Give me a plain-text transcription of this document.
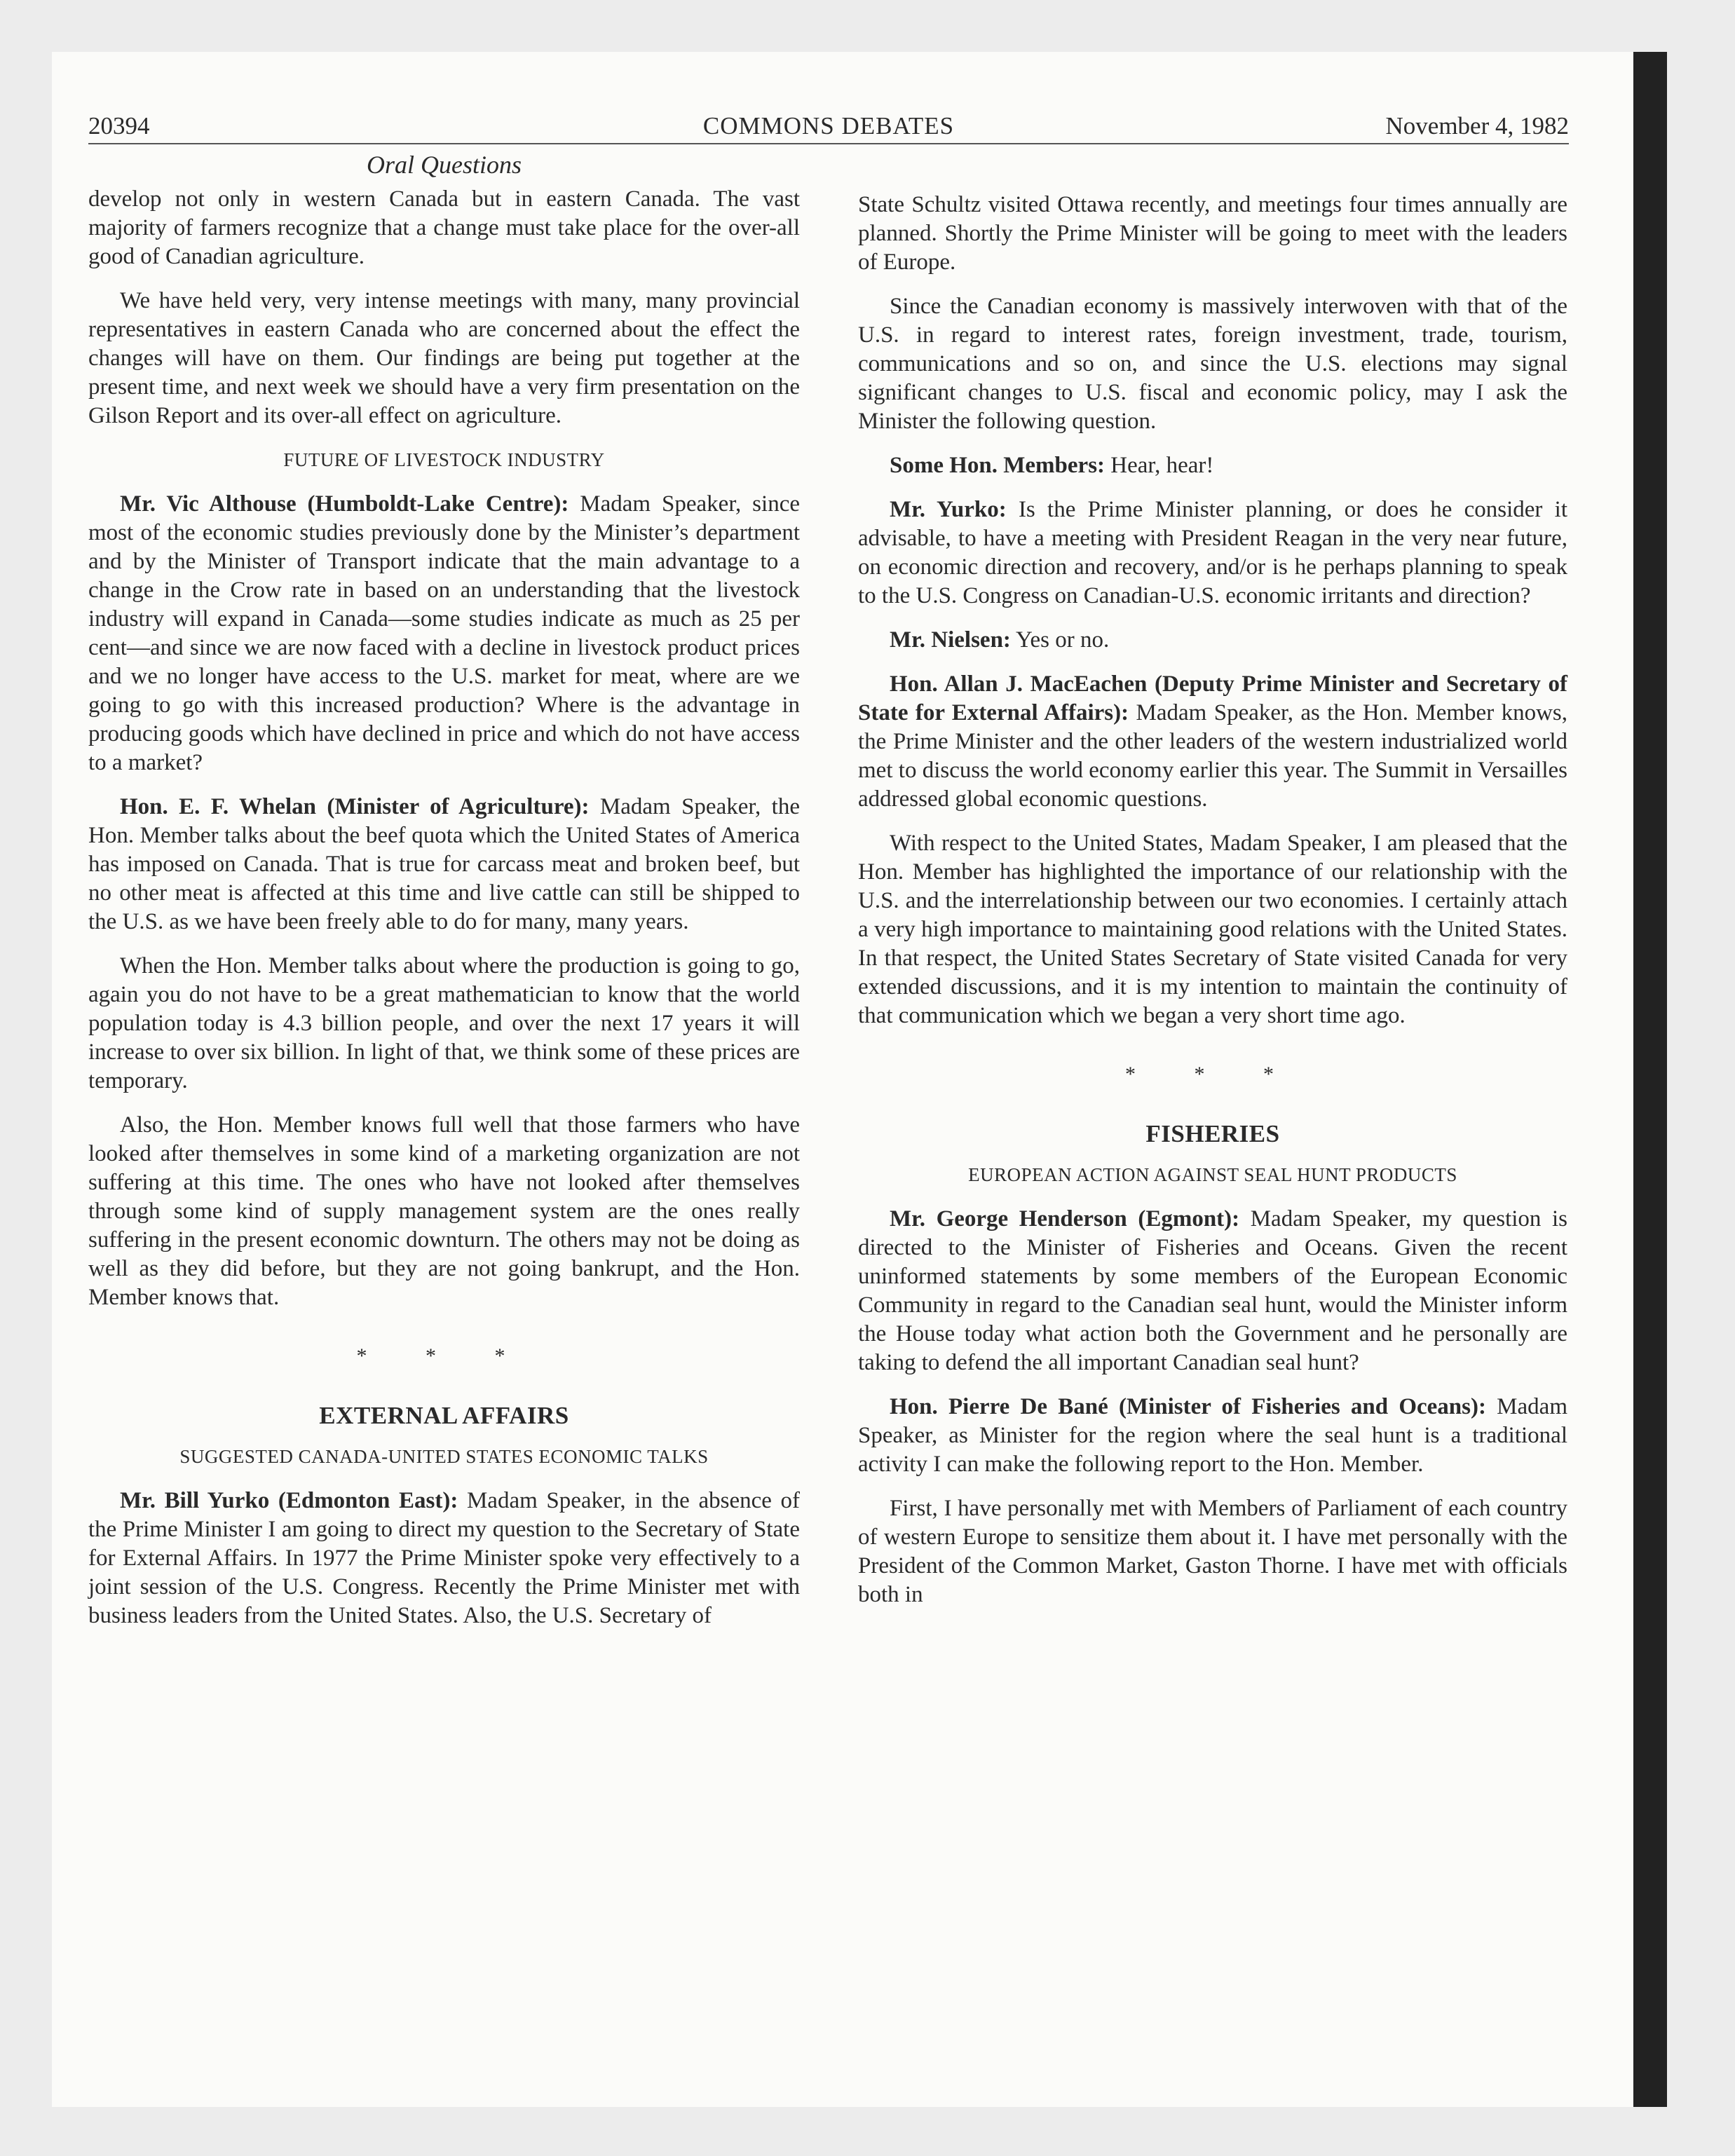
20394	COMMONS DEBATES	November 4, 1982
Oral Questions

develop not only in western Canada but in eastern Canada. The vast majority of farmers recognize that a change must take place for the over-all good of Canadian agriculture.

We have held very, very intense meetings with many, many provincial representatives in eastern Canada who are concerned about the effect the changes will have on them. Our findings are being put together at the present time, and next week we should have a very firm presentation on the Gilson Report and its over-all effect on agriculture.

FUTURE OF LIVESTOCK INDUSTRY

Mr. Vic Althouse (Humboldt-Lake Centre): Madam Speaker, since most of the economic studies previously done by the Minister’s department and by the Minister of Transport indicate that the main advantage to a change in the Crow rate in based on an understanding that the livestock industry will expand in Canada—some studies indicate as much as 25 per cent—and since we are now faced with a decline in livestock product prices and we no longer have access to the U.S. market for meat, where are we going to go with this increased production? Where is the advantage in producing goods which have declined in price and which do not have access to a market?

Hon. E. F. Whelan (Minister of Agriculture): Madam Speaker, the Hon. Member talks about the beef quota which the United States of America has imposed on Canada. That is true for carcass meat and broken beef, but no other meat is affected at this time and live cattle can still be shipped to the U.S. as we have been freely able to do for many, many years.

When the Hon. Member talks about where the production is going to go, again you do not have to be a great mathematician to know that the world population today is 4.3 billion people, and over the next 17 years it will increase to over six billion. In light of that, we think some of these prices are temporary.

Also, the Hon. Member knows full well that those farmers who have looked after themselves in some kind of a marketing organization are not suffering at this time. The ones who have not looked after themselves through some kind of supply management system are the ones really suffering in the present economic downturn. The others may not be doing as well as they did before, but they are not going bankrupt, and the Hon. Member knows that.

* * *
EXTERNAL AFFAIRS
SUGGESTED CANADA-UNITED STATES ECONOMIC TALKS

Mr. Bill Yurko (Edmonton East): Madam Speaker, in the absence of the Prime Minister I am going to direct my question to the Secretary of State for External Affairs. In 1977 the Prime Minister spoke very effectively to a joint session of the U.S. Congress. Recently the Prime Minister met with business leaders from the United States. Also, the U.S. Secretary of

State Schultz visited Ottawa recently, and meetings four times annually are planned. Shortly the Prime Minister will be going to meet with the leaders of Europe.

Since the Canadian economy is massively interwoven with that of the U.S. in regard to interest rates, foreign investment, trade, tourism, communications and so on, and since the U.S. elections may signal significant changes to U.S. fiscal and economic policy, may I ask the Minister the following question.

Some Hon. Members: Hear, hear!

Mr. Yurko: Is the Prime Minister planning, or does he consider it advisable, to have a meeting with President Reagan in the very near future, on economic direction and recovery, and/or is he perhaps planning to speak to the U.S. Congress on Canadian-U.S. economic irritants and direction?

Mr. Nielsen: Yes or no.

Hon. Allan J. MacEachen (Deputy Prime Minister and Secretary of State for External Affairs): Madam Speaker, as the Hon. Member knows, the Prime Minister and the other leaders of the western industrialized world met to discuss the world economy earlier this year. The Summit in Versailles addressed global economic questions.

With respect to the United States, Madam Speaker, I am pleased that the Hon. Member has highlighted the importance of our relationship with the U.S. and the interrelationship between our two economies. I certainly attach a very high importance to maintaining good relations with the United States. In that respect, the United States Secretary of State visited Canada for very extended discussions, and it is my intention to maintain the continuity of that communication which we began a very short time ago.

* * *
FISHERIES
EUROPEAN ACTION AGAINST SEAL HUNT PRODUCTS

Mr. George Henderson (Egmont): Madam Speaker, my question is directed to the Minister of Fisheries and Oceans. Given the recent uninformed statements by some members of the European Economic Community in regard to the Canadian seal hunt, would the Minister inform the House today what action both the Government and he personally are taking to defend the all important Canadian seal hunt?

Hon. Pierre De Bané (Minister of Fisheries and Oceans): Madam Speaker, as Minister for the region where the seal hunt is a traditional activity I can make the following report to the Hon. Member.

First, I have personally met with Members of Parliament of each country of western Europe to sensitize them about it. I have met personally with the President of the Common Market, Gaston Thorne. I have met with officials both in
